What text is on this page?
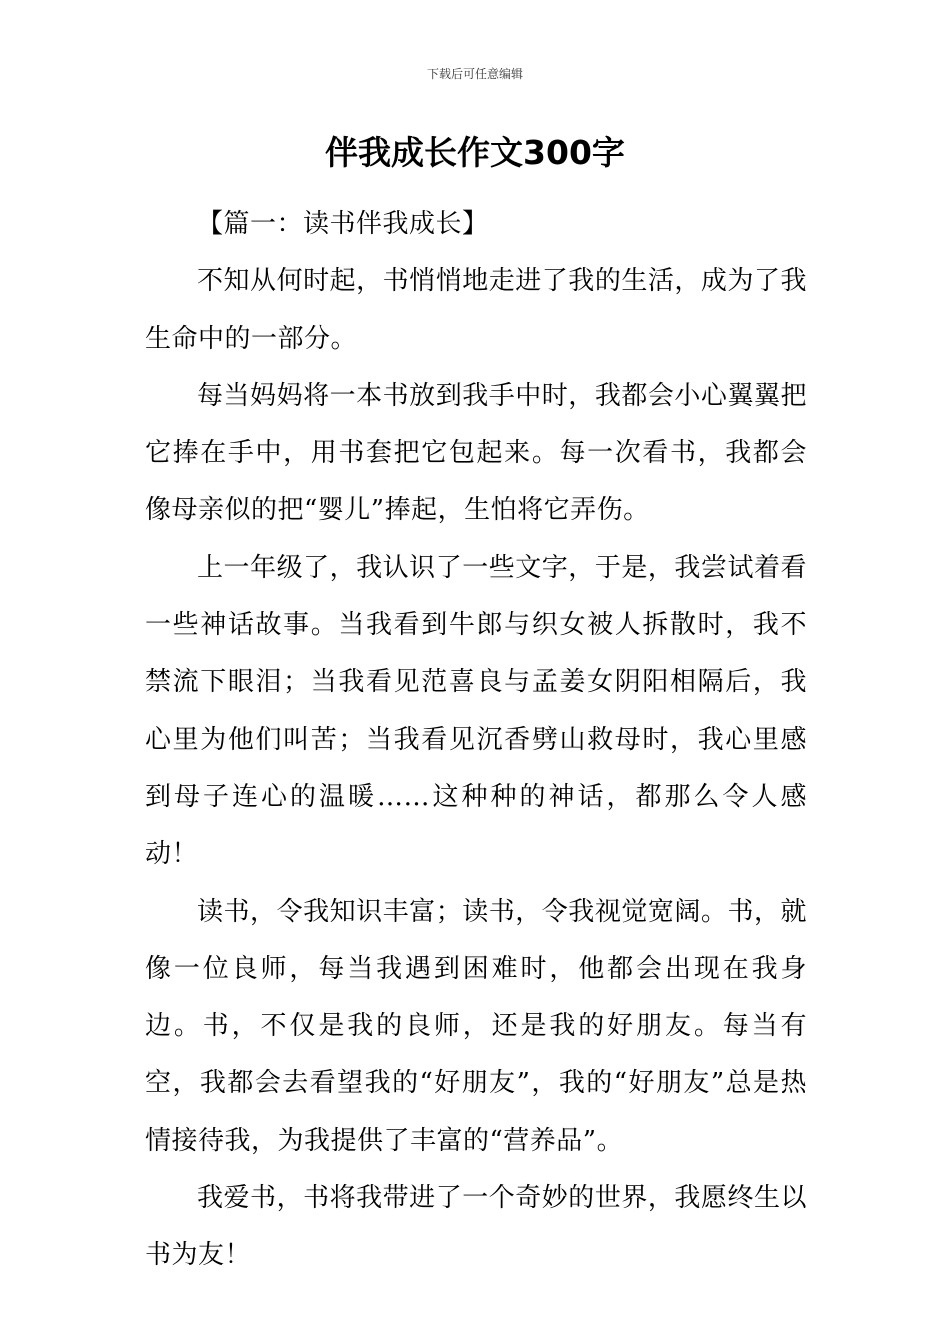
下载后可任意编辑
伴我成长作文300字

【篇一：读书伴我成长】

不知从何时起，书悄悄地走进了我的生活，成为了我生命中的一部分。

每当妈妈将一本书放到我手中时，我都会小心翼翼把它捧在手中，用书套把它包起来。每一次看书，我都会像母亲似的把“婴儿”捧起，生怕将它弄伤。

上一年级了，我认识了一些文字，于是，我尝试着看一些神话故事。当我看到牛郎与织女被人拆散时，我不禁流下眼泪；当我看见范喜良与孟姜女阴阳相隔后，我心里为他们叫苦；当我看见沉香劈山救母时，我心里感到母子连心的温暖……这种种的神话，都那么令人感动！

读书，令我知识丰富；读书，令我视觉宽阔。书，就像一位良师，每当我遇到困难时，他都会出现在我身边。书，不仅是我的良师，还是我的好朋友。每当有空，我都会去看望我的“好朋友”，我的“好朋友”总是热情接待我，为我提供了丰富的“营养品”。

我爱书，书将我带进了一个奇妙的世界，我愿终生以书为友！
